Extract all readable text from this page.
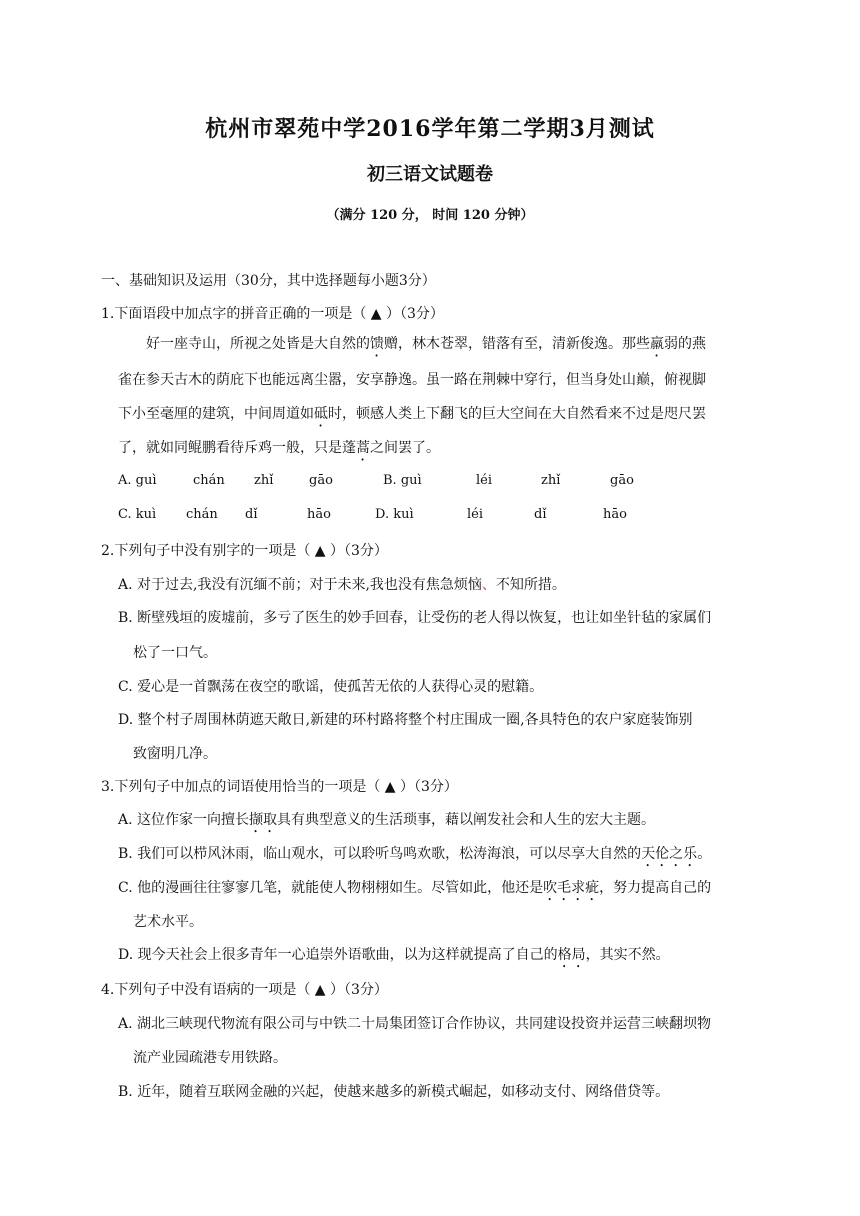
杭州市翠苑中学2016学年第二学期3月测试
初三语文试题卷
（满分 120 分， 时间 120 分钟）
一、基础知识及运用（30分，其中选择题每小题3分）
1.下面语段中加点字的拼音正确的一项是（ ▲ ）（3分）
好一座寺山，所视之处皆是大自然的馈赠，林木苍翠，错落有至，清新俊逸。那些羸弱的燕
雀在参天古木的荫庇下也能远离尘嚣，安享静逸。虽一路在荆棘中穿行，但当身处山巅，俯视脚
下小至毫厘的建筑，中间周道如砥时，顿感人类上下翻飞的巨大空间在大自然看来不过是咫尺罢
了，就如同鲲鹏看待斥鸡一般，只是蓬蒿之间罢了。
A. guì	chán zhǐ	gāo	B. guì	léi	zhǐ	gāo
C. kuì chán dǐ	hāo	D. kuì	léi	dǐ	hāo
2.下列句子中没有别字的一项是（ ▲ ）（3分）
A. 对于过去,我没有沉缅不前；对于未来,我也没有焦急烦恼、不知所措。
B. 断壁残垣的废墟前，多亏了医生的妙手回春，让受伤的老人得以恢复，也让如坐针毡的家属们
松了一口气。
C. 爱心是一首飘荡在夜空的歌谣，使孤苦无依的人获得心灵的慰籍。
D. 整个村子周围林荫遮天敞日,新建的环村路将整个村庄围成一圈,各具特色的农户家庭装饰别
致窗明几净。
3.下列句子中加点的词语使用恰当的一项是（ ▲ ）（3分）
A. 这位作家一向擅长撷取具有典型意义的生活琐事，藉以阐发社会和人生的宏大主题。
B. 我们可以栉风沐雨，临山观水，可以聆听鸟鸣欢歌，松涛海浪，可以尽享大自然的天伦之乐。
C. 他的漫画往往寥寥几笔，就能使人物栩栩如生。尽管如此，他还是吹毛求疵，努力提高自己的
艺术水平。
D. 现今天社会上很多青年一心追崇外语歌曲，以为这样就提高了自己的格局，其实不然。
4.下列句子中没有语病的一项是（ ▲ ）（3分）
A. 湖北三峡现代物流有限公司与中铁二十局集团签订合作协议，共同建设投资并运营三峡翻坝物
流产业园疏港专用铁路。
B. 近年，随着互联网金融的兴起，使越来越多的新模式崛起，如移动支付、网络借贷等。
